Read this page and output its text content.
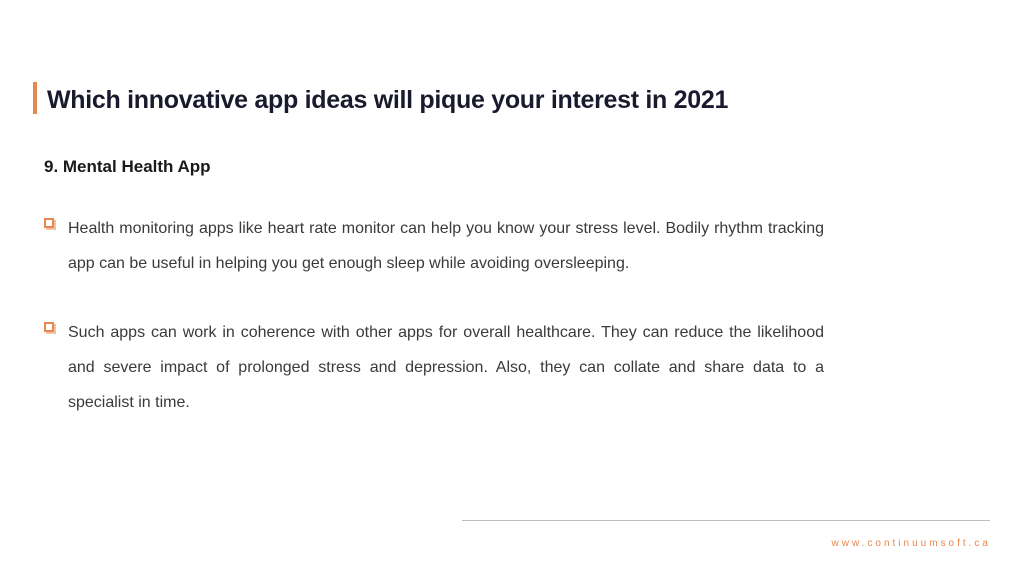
Which innovative app ideas will pique your interest in 2021
9. Mental Health App

Health monitoring apps like heart rate monitor can help you know your stress level. Bodily rhythm tracking app can be useful in helping you get enough sleep while avoiding oversleeping.

Such apps can work in coherence with other apps for overall healthcare. They can reduce the likelihood and severe impact of prolonged stress and depression. Also, they can collate and share data to a specialist in time.

www.continuumsoft.ca
